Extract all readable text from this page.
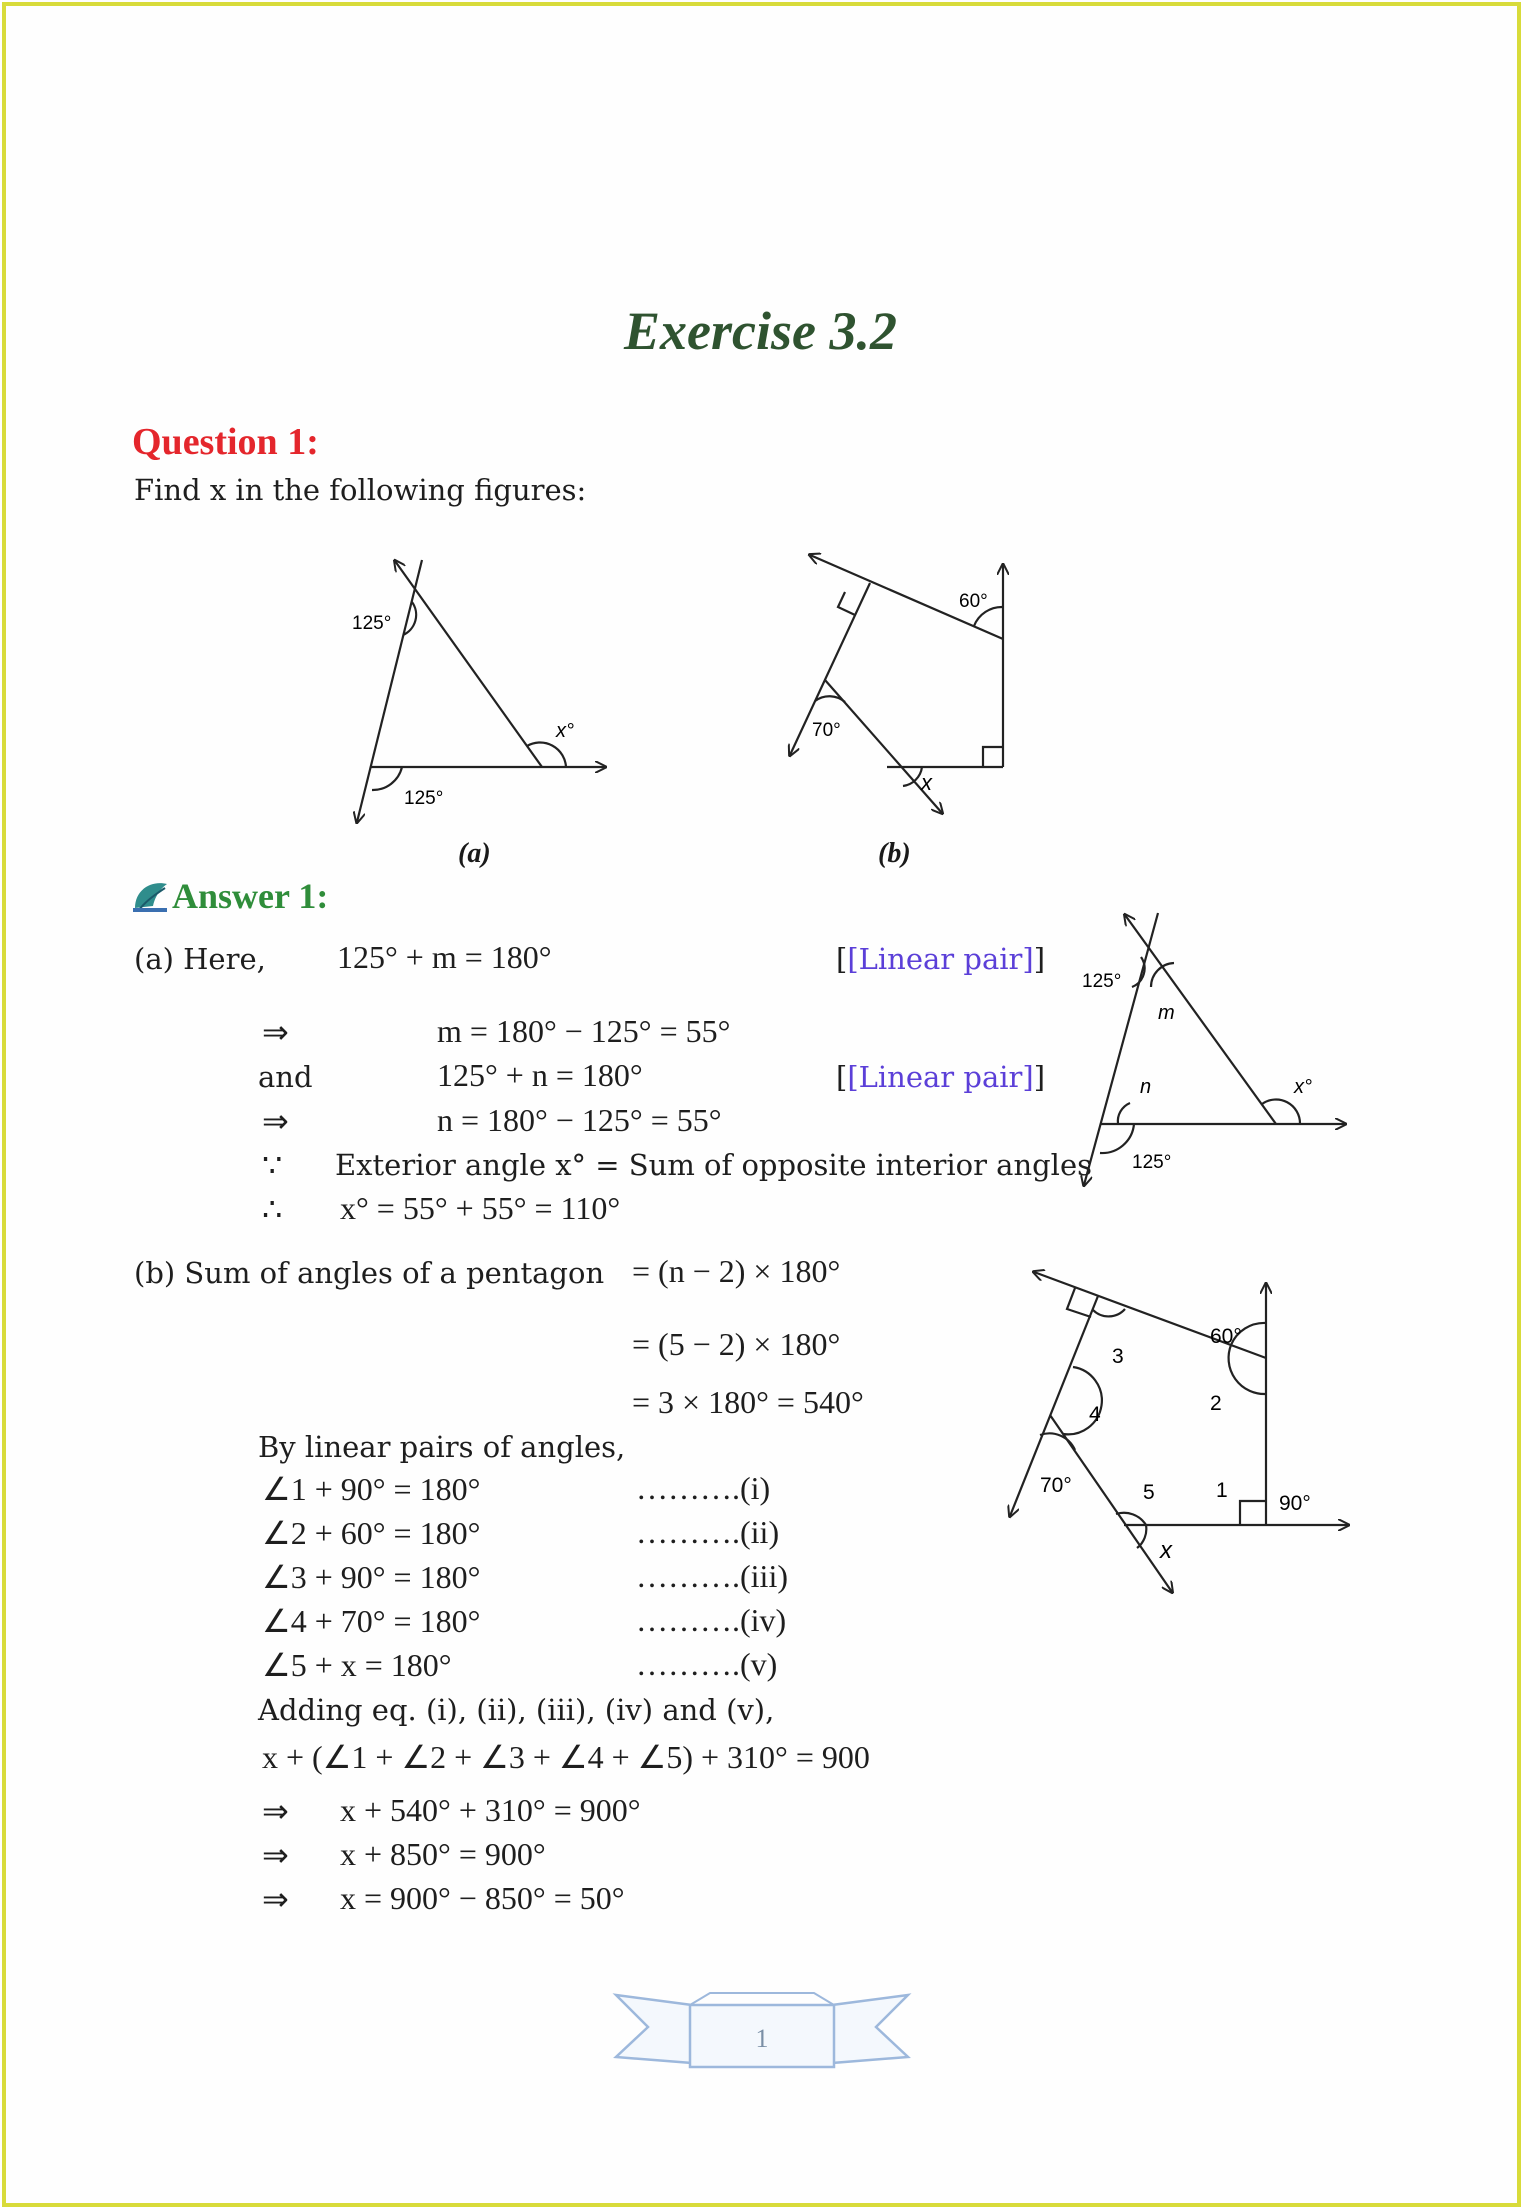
Exercise 3.2
Question 1:
Find x in the following figures:
125°
125°
x°
(a)
60°
70°
x
(b)
Answer 1:
(a) Here, 125° + m = 180°	[[Linear pair]]
⇒	m = 180° − 125° = 55°
and	125° + n = 180°	[[Linear pair]]
⇒	n = 180° − 125° = 55°
∵ Exterior angle x° = Sum of opposite interior angles
∴ x° = 55° + 55° = 110°
125°
m
n
125°
x°
(b) Sum of angles of a pentagon = (n − 2) × 180°
= (5 − 2) × 180°
= 3 × 180° = 540°
By linear pairs of angles,
∠1 + 90° = 180°	……….(i)
∠2 + 60° = 180°	……….(ii)
∠3 + 90° = 180°	……….(iii)
∠4 + 70° = 180°	……….(iv)
∠5 + x = 180°	……….(v)
Adding eq. (i), (ii), (iii), (iv) and (v),
x + (∠1 + ∠2 + ∠3 + ∠4 + ∠5) + 310° = 900
⇒ x + 540° + 310° = 900°
⇒ x + 850° = 900°
⇒ x = 900° − 850° = 50°
60°
3
2
4
70°	5	1
90°
x
1
